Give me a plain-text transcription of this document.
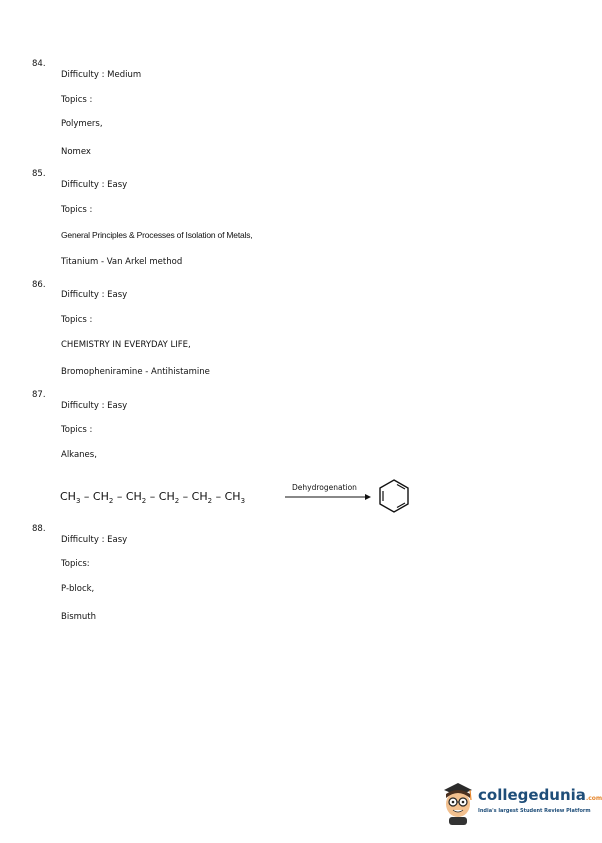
84.
Difficulty : Medium
Topics :
Polymers,
Nomex
85.
Difficulty : Easy
Topics :
General Principles & Processes of Isolation of Metals,
Titanium - Van Arkel method
86.
Difficulty : Easy
Topics :
CHEMISTRY IN EVERYDAY LIFE,
Bromopheniramine - Antihistamine
87.
Difficulty : Easy
Topics :
Alkanes,
$CH_3 - CH_2 - CH_2 - CH_2 - CH_2 - CH_3$
Dehydrogenation
88.
Difficulty : Easy
Topics:
P-block,
Bismuth
collegedunia.com
India's largest Student Review Platform
